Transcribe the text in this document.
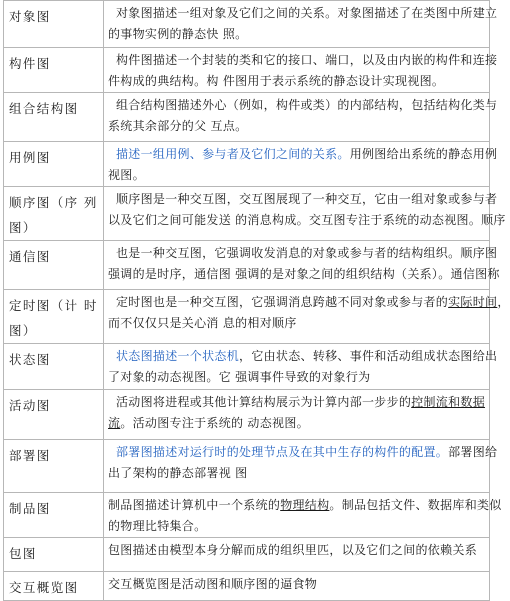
对象图	对象图描述一组对象及它们之间的关系。对象图描述了在类图中所建立
的事物实例的静态快 照。

构件图	构件图描述一个封装的类和它的接口、端口，以及由内嵌的构件和连接
件构成的典结构。构 件图用于表示系统的静态设计实现视图。

组合结构图	组合结构图描述外心（例如，构件或类）的内部结构，包括结构化类与
系统其余部分的父 互点。

用例图	描述一组用例、参与者及它们之间的关系。用例图给出系统的静态用例
视图。

顺序图（序 列图）	顺序图是一种交互图，交互图展现了一种交互，它由一组对象或参与者
以及它们之间可能发送 的消息构成。交互图专注于系统的动态视图。顺序

通信图	也是一种交互图，它强调收发消息的对象或参与者的结构组织。顺序图
强调的是时序，通信图 强调的是对象之间的组织结构（关系）。通信图称

定时图（计 时图）	定时图也是一种交互图，它强调消息跨越不同对象或参与者的实际时间，
而不仅仅只是关心消 息的相对顺序

状态图	状态图描述一个状态机，它由状态、转移、事件和活动组成状态图给出
了对象的动态视图。它 强调事件导致的对象行为

活动图	活动图将进程或其他计算结构展示为计算内部一步步的控制流和数据
流。活动图专注于系统的 动态视图。

部署图	部署图描述对运行时的处理节点及在其中生存的构件的配置。部署图给
出了架构的静态部署视 图

制品图	制品图描述计算机中一个系统的物理结构。制品包括文件、数据库和类似
的物理比特集合。

包图	包图描述由模型本身分解而成的组织里匹，以及它们之间的依赖关系

交互概览图	交互概览图是活动图和顺序图的逼食物
